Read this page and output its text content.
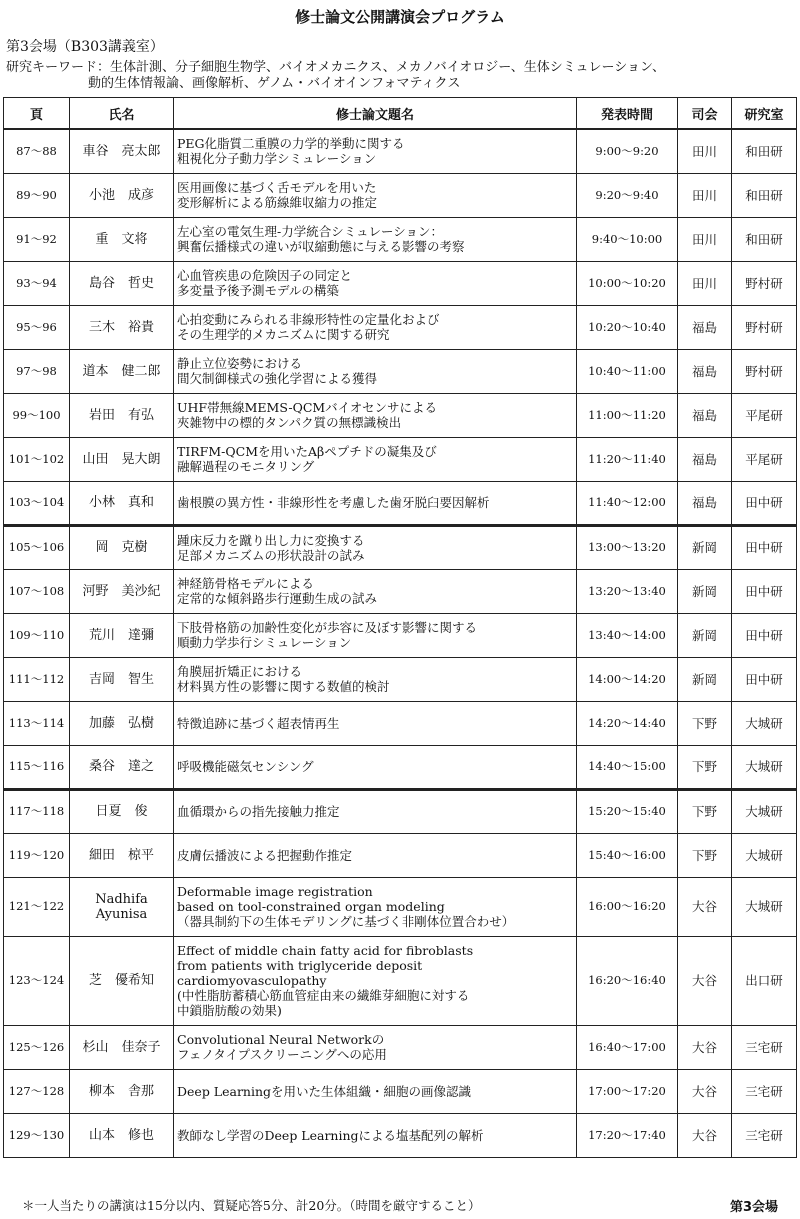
修士論文公開講演会プログラム
第3会場（B303講義室）
研究キーワード：生体計測、分子細胞生物学、バイオメカニクス、メカノバイオロジー、生体シミュレーション、
動的生体情報論、画像解析、ゲノム・バイオインフォマティクス
頁	氏名	修士論文題名	発表時間	司会	研究室
87～88	車谷　亮太郎	PEG化脂質二重膜の力学的挙動に関する
粗視化分子動力学シミュレーション	9:00～9:20	田川	和田研
89～90	小池　成彦	医用画像に基づく舌モデルを用いた
変形解析による筋線維収縮力の推定	9:20～9:40	田川	和田研
91～92	重　文将	左心室の電気生理-力学統合シミュレーション：
興奮伝播様式の違いが収縮動態に与える影響の考察	9:40～10:00	田川	和田研
93～94	島谷　哲史	心血管疾患の危険因子の同定と
多変量予後予測モデルの構築	10:00～10:20	田川	野村研
95～96	三木　裕貴	心拍変動にみられる非線形特性の定量化および
その生理学的メカニズムに関する研究	10:20～10:40	福島	野村研
97～98	道本　健二郎	静止立位姿勢における
間欠制御様式の強化学習による獲得	10:40～11:00	福島	野村研
99～100	岩田　有弘	UHF帯無線MEMS-QCMバイオセンサによる
夾雑物中の標的タンパク質の無標識検出	11:00～11:20	福島	平尾研
101～102	山田　晃大朗	TIRFM-QCMを用いたAβペプチドの凝集及び
融解過程のモニタリング	11:20～11:40	福島	平尾研
103～104	小林　真和	歯根膜の異方性・非線形性を考慮した歯牙脱臼要因解析	11:40～12:00	福島	田中研
105～106	岡　克樹	踵床反力を蹴り出し力に変換する
足部メカニズムの形状設計の試み	13:00～13:20	新岡	田中研
107～108	河野　美沙紀	神経筋骨格モデルによる
定常的な傾斜路歩行運動生成の試み	13:20～13:40	新岡	田中研
109～110	荒川　達彌	下肢骨格筋の加齢性変化が歩容に及ぼす影響に関する
順動力学歩行シミュレーション	13:40～14:00	新岡	田中研
111～112	吉岡　智生	角膜屈折矯正における
材料異方性の影響に関する数値的検討	14:00～14:20	新岡	田中研
113～114	加藤　弘樹	特徴追跡に基づく超表情再生	14:20～14:40	下野	大城研
115～116	桑谷　達之	呼吸機能磁気センシング	14:40～15:00	下野	大城研
117～118	日夏　俊	血循環からの指先接触力推定	15:20～15:40	下野	大城研
119～120	細田　椋平	皮膚伝播波による把握動作推定	15:40～16:00	下野	大城研
121～122	Nadhifa Ayunisa	Deformable image registration
based on tool-constrained organ modeling
（器具制約下の生体モデリングに基づく非剛体位置合わせ）	16:00～16:20	大谷	大城研
123～124	芝　優希知	Effect of middle chain fatty acid for fibroblasts
from patients with triglyceride deposit
cardiomyovasculopathy
(中性脂肪蓄積心筋血管症由来の繊維芽細胞に対する
中鎖脂肪酸の効果)	16:20～16:40	大谷	出口研
125～126	杉山　佳奈子	Convolutional Neural Networkの
フェノタイプスクリーニングへの応用	16:40～17:00	大谷	三宅研
127～128	柳本　舎那	Deep Learningを用いた生体組織・細胞の画像認識	17:00～17:20	大谷	三宅研
129～130	山本　修也	教師なし学習のDeep Learningによる塩基配列の解析	17:20～17:40	大谷	三宅研
＊一人当たりの講演は15分以内、質疑応答5分、計20分。（時間を厳守すること）	第3会場
